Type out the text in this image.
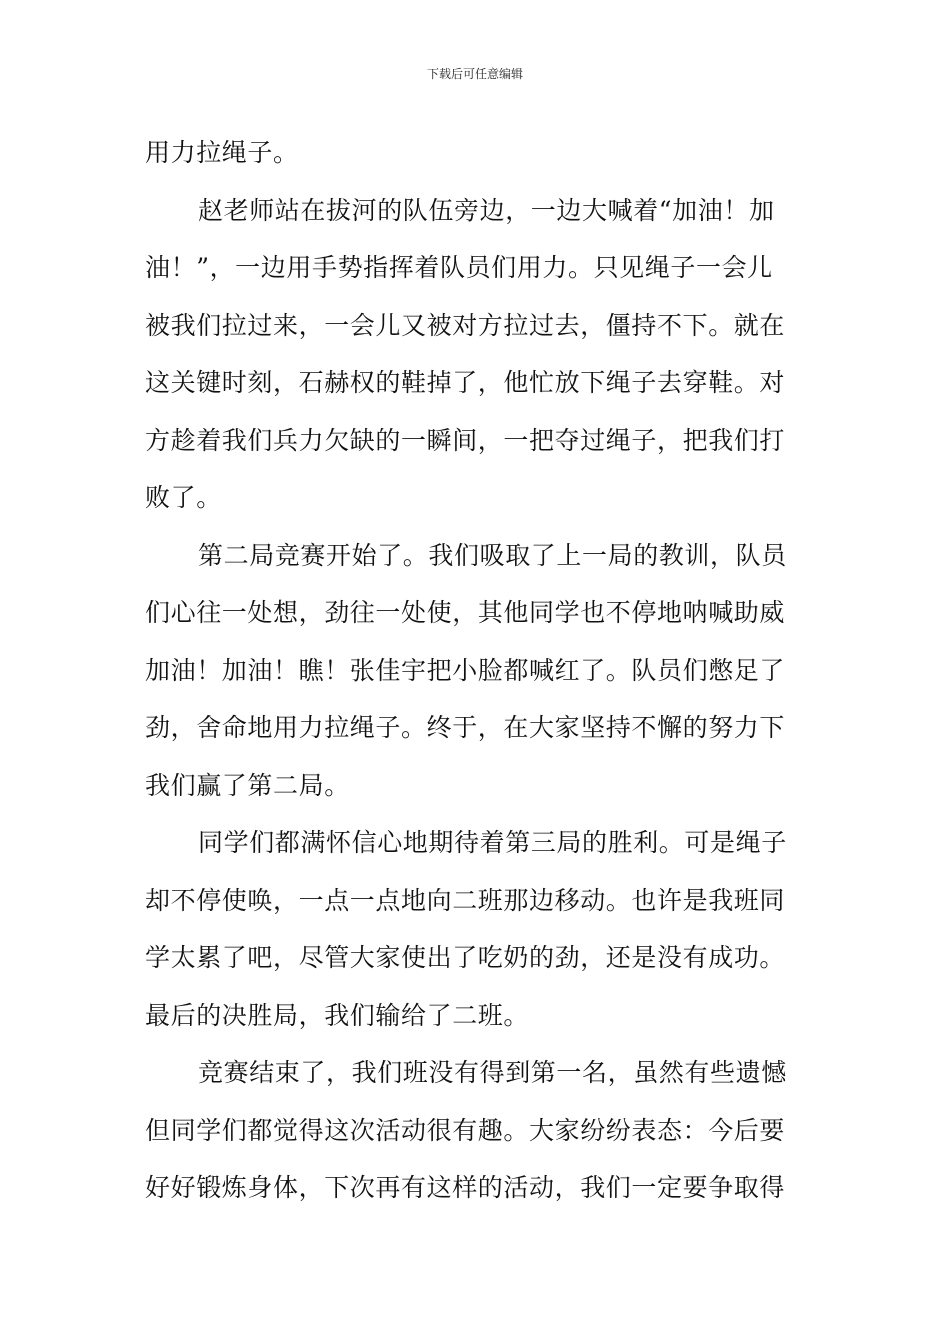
下载后可任意编辑
用力拉绳子。
赵老师站在拔河的队伍旁边，一边大喊着“加油！加
油！”，一边用手势指挥着队员们用力。只见绳子一会儿
被我们拉过来，一会儿又被对方拉过去，僵持不下。就在
这关键时刻，石赫权的鞋掉了，他忙放下绳子去穿鞋。对
方趁着我们兵力欠缺的一瞬间，一把夺过绳子，把我们打
败了。
第二局竞赛开始了。我们吸取了上一局的教训，队员
们心往一处想，劲往一处使，其他同学也不停地呐喊助威
加油！加油！瞧！张佳宇把小脸都喊红了。队员们憋足了
劲，舍命地用力拉绳子。终于，在大家坚持不懈的努力下
我们赢了第二局。
同学们都满怀信心地期待着第三局的胜利。可是绳子
却不停使唤，一点一点地向二班那边移动。也许是我班同
学太累了吧，尽管大家使出了吃奶的劲，还是没有成功。
最后的决胜局，我们输给了二班。
竞赛结束了，我们班没有得到第一名，虽然有些遗憾
但同学们都觉得这次活动很有趣。大家纷纷表态：今后要
好好锻炼身体，下次再有这样的活动，我们一定要争取得
